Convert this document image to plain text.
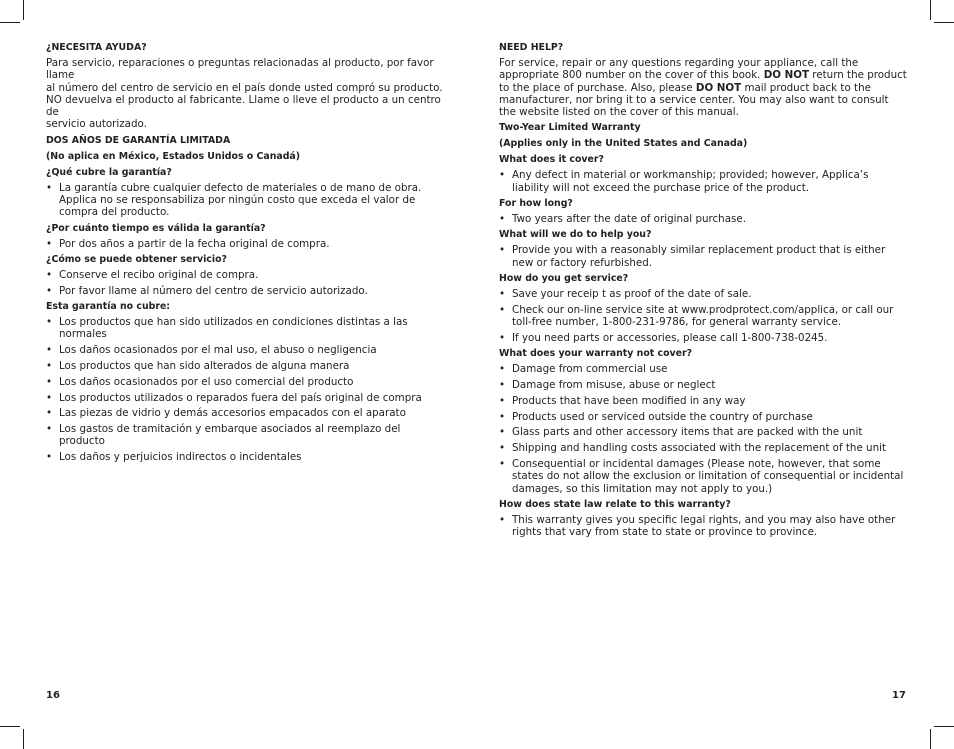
¿NECESITA AYUDA?

Para servicio, reparaciones o preguntas relacionadas al producto, por favor llame

al número del centro de servicio en el país donde usted compró su producto.

NO devuelva el producto al fabricante. Llame o lleve el producto a un centro de

servicio autorizado.

DOS AÑOS DE GARANTÍA LIMITADA

(No aplica en México, Estados Unidos o Canadá)

¿Qué cubre la garantía?

• La garantía cubre cualquier defecto de materiales o de mano de obra. Applica no se responsabiliza por ningún costo que exceda el valor de compra del producto.

¿Por cuánto tiempo es válida la garantía?

• Por dos años a partir de la fecha original de compra.

¿Cómo se puede obtener servicio?

• Conserve el recibo original de compra.
• Por favor llame al número del centro de servicio autorizado.

Esta garantía no cubre:

• Los productos que han sido utilizados en condiciones distintas a las normales
• Los daños ocasionados por el mal uso, el abuso o negligencia
• Los productos que han sido alterados de alguna manera
• Los daños ocasionados por el uso comercial del producto
• Los productos utilizados o reparados fuera del país original de compra
• Las piezas de vidrio y demás accesorios empacados con el aparato
• Los gastos de tramitación y embarque asociados al reemplazo del producto
• Los daños y perjuicios indirectos o incidentales

NEED HELP?

For service, repair or any questions regarding your appliance, call the appropriate 800 number on the cover of this book. DO NOT return the product to the place of purchase. Also, please DO NOT mail product back to the manufacturer, nor bring it to a service center. You may also want to consult the website listed on the cover of this manual.

Two-Year Limited Warranty

(Applies only in the United States and Canada)

What does it cover?

• Any defect in material or workmanship; provided; however, Applica’s liability will not exceed the purchase price of the product.

For how long?

• Two years after the date of original purchase.

What will we do to help you?

• Provide you with a reasonably similar replacement product that is either new or factory refurbished.

How do you get service?

• Save your receip t as proof of the date of sale.
• Check our on-line service site at www.prodprotect.com/applica, or call our toll-free number, 1-800-231-9786, for general warranty service.
• If you need parts or accessories, please call 1-800-738-0245.

What does your warranty not cover?

• Damage from commercial use
• Damage from misuse, abuse or neglect
• Products that have been modified in any way
• Products used or serviced outside the country of purchase
• Glass parts and other accessory items that are packed with the unit
• Shipping and handling costs associated with the replacement of the unit
• Consequential or incidental damages (Please note, however, that some states do not allow the exclusion or limitation of consequential or incidental damages, so this limitation may not apply to you.)

How does state law relate to this warranty?

• This warranty gives you specific legal rights, and you may also have other rights that vary from state to state or province to province.
16	17
